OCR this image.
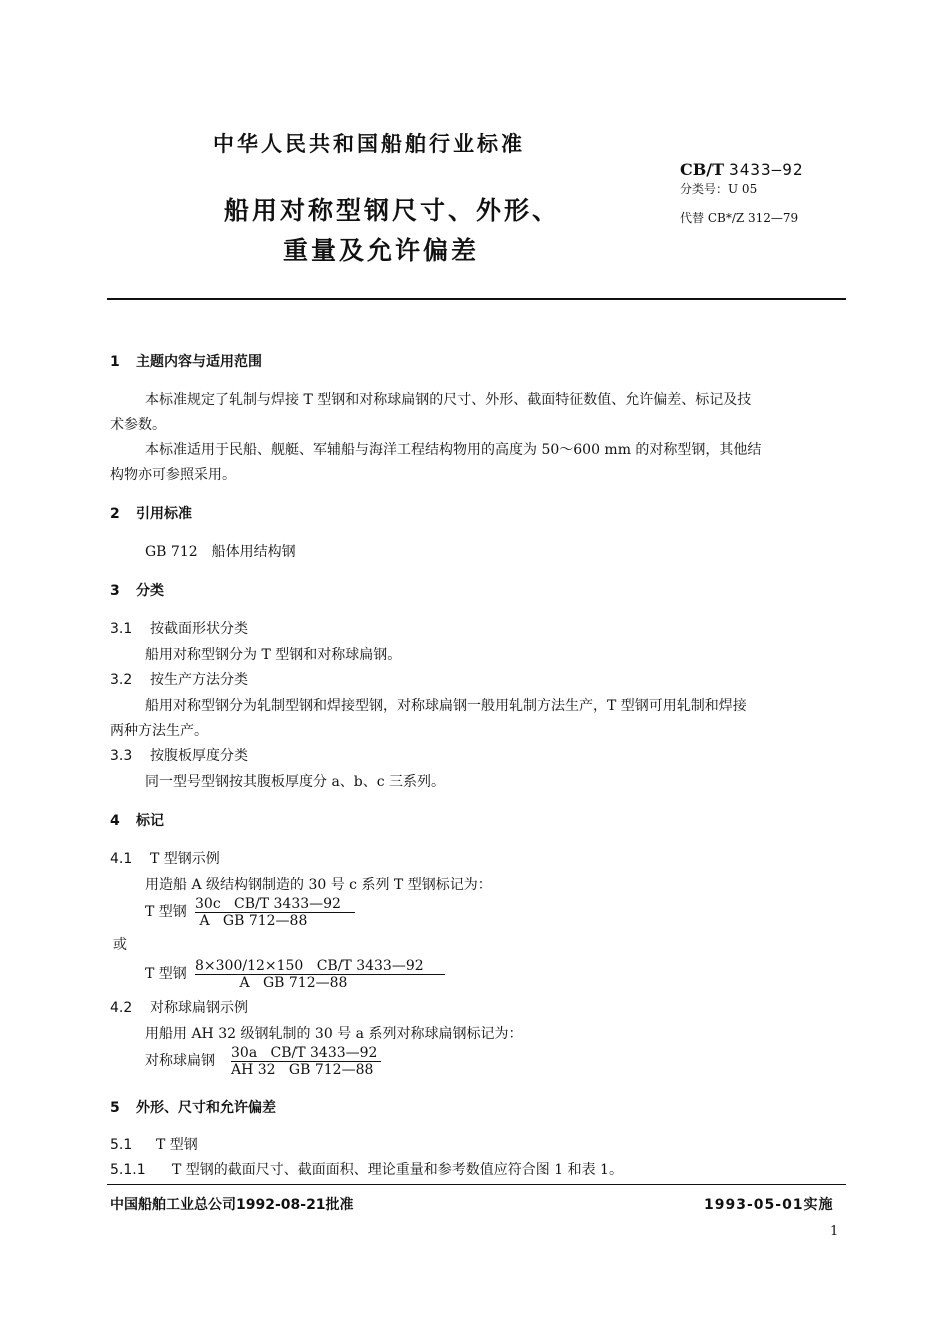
中华人民共和国船舶行业标准
船用对称型钢尺寸、外形、
重量及允许偏差
CB/T 3433—92
分类号：U 05
代替 CB*/Z 312—79
1 主题内容与适用范围
本标准规定了轧制与焊接 T 型钢和对称球扁钢的尺寸、外形、截面特征数值、允许偏差、标记及技
术参数。
本标准适用于民船、舰艇、军辅船与海洋工程结构物用的高度为 50～600 mm 的对称型钢，其他结
构物亦可参照采用。
2 引用标准
GB 712　船体用结构钢
3 分类
3.1 按截面形状分类
船用对称型钢分为 T 型钢和对称球扁钢。
3.2 按生产方法分类
船用对称型钢分为轧制型钢和焊接型钢，对称球扁钢一般用轧制方法生产，T 型钢可用轧制和焊接
两种方法生产。
3.3 按腹板厚度分类
同一型号型钢按其腹板厚度分 a、b、c 三系列。
4 标记
4.1 T 型钢示例
用造船 A 级结构钢制造的 30 号 c 系列 T 型钢标记为：
T 型钢 30c   CB/T 3433—92
A   GB 712—88
或
T 型钢 8×300/12×150   CB/T 3433—92
A   GB 712—88
4.2 对称球扁钢示例
用船用 AH 32 级钢轧制的 30 号 a 系列对称球扁钢标记为：
对称球扁钢 30a   CB/T 3433—92
AH 32   GB 712—88
5 外形、尺寸和允许偏差
5.1 T 型钢
5.1.1 T 型钢的截面尺寸、截面面积、理论重量和参考数值应符合图 1 和表 1。
中国船舶工业总公司1992-08-21批准	1993-05-01实施
1
